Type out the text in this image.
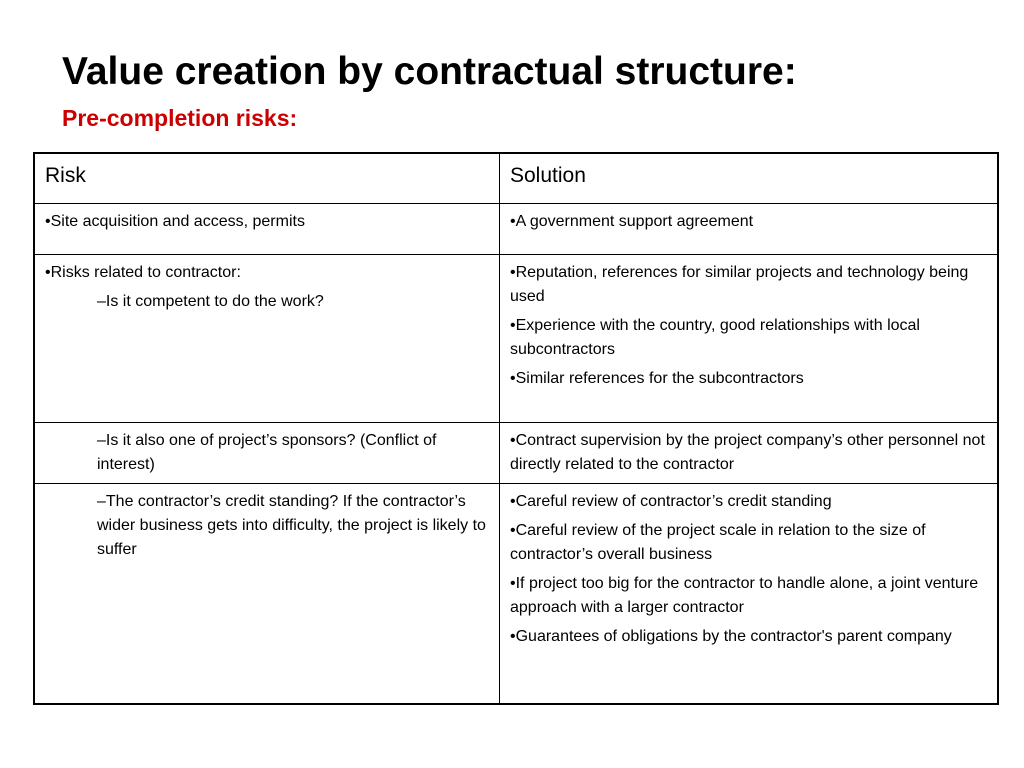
Value creation by contractual structure:
Pre-completion risks:
Risk	Solution

•Site acquisition and access, permits	•A government support agreement

•Risks related to contractor:
–Is it competent to do the work?	•Reputation, references for similar projects and technology being used
•Experience with the country, good relationships with local subcontractors
•Similar references for the subcontractors

–Is it also one of project’s sponsors? (Conflict of interest)	•Contract supervision by the project company’s other personnel not directly related to the contractor

–The contractor’s credit standing? If the contractor’s wider business gets into difficulty, the project is likely to suffer	•Careful review of contractor’s credit standing
•Careful review of the project scale in relation to the size of contractor’s overall business
•If project too big for the contractor to handle alone, a joint venture approach with a larger contractor
•Guarantees of obligations by the contractor's parent company
